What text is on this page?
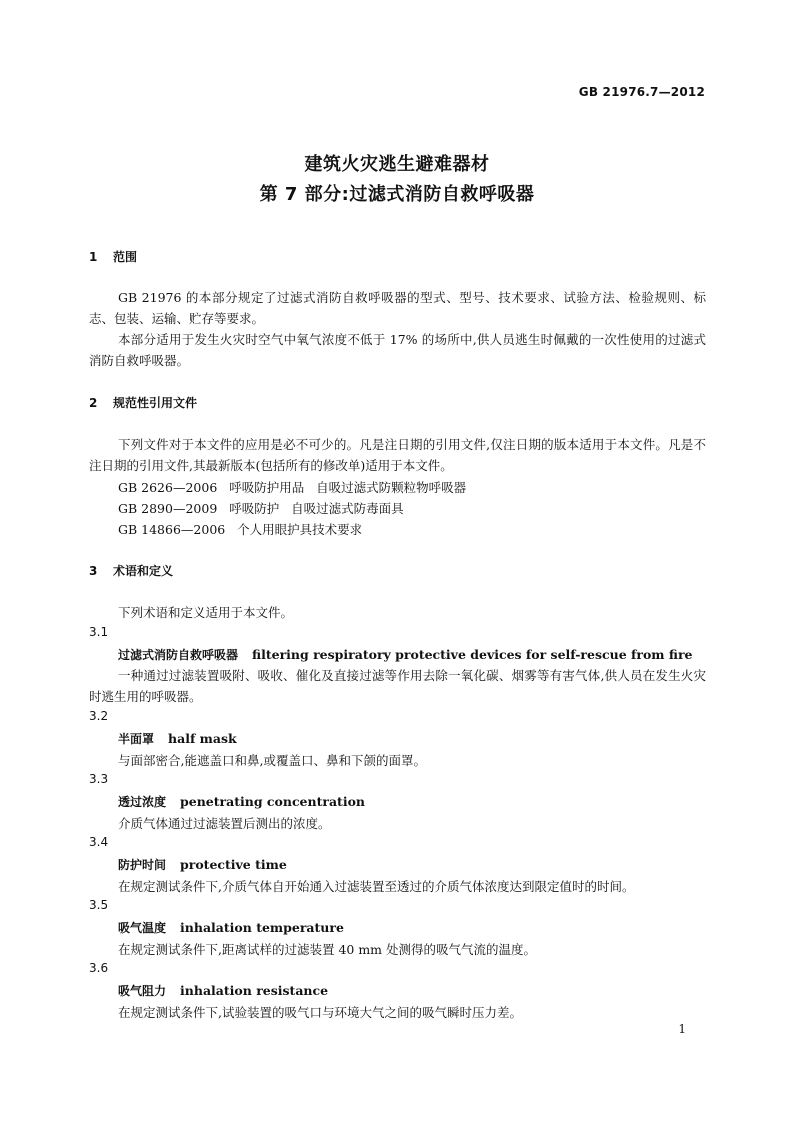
GB 21976.7—2012
建筑火灾逃生避难器材
第 7 部分:过滤式消防自救呼吸器
1 范围
GB 21976 的本部分规定了过滤式消防自救呼吸器的型式、型号、技术要求、试验方法、检验规则、标志、包装、运输、贮存等要求。
本部分适用于发生火灾时空气中氧气浓度不低于 17% 的场所中,供人员逃生时佩戴的一次性使用的过滤式消防自救呼吸器。
2 规范性引用文件
下列文件对于本文件的应用是必不可少的。凡是注日期的引用文件,仅注日期的版本适用于本文件。凡是不注日期的引用文件,其最新版本(包括所有的修改单)适用于本文件。
GB 2626—2006   呼吸防护用品   自吸过滤式防颗粒物呼吸器
GB 2890—2009   呼吸防护   自吸过滤式防毒面具
GB 14866—2006   个人用眼护具技术要求
3 术语和定义
下列术语和定义适用于本文件。
3.1
过滤式消防自救呼吸器 filtering respiratory protective devices for self-rescue from fire
一种通过过滤装置吸附、吸收、催化及直接过滤等作用去除一氧化碳、烟雾等有害气体,供人员在发生火灾时逃生用的呼吸器。
3.2
半面罩 half mask
与面部密合,能遮盖口和鼻,或覆盖口、鼻和下颌的面罩。
3.3
透过浓度 penetrating concentration
介质气体通过过滤装置后测出的浓度。
3.4
防护时间 protective time
在规定测试条件下,介质气体自开始通入过滤装置至透过的介质气体浓度达到限定值时的时间。
3.5
吸气温度 inhalation temperature
在规定测试条件下,距离试样的过滤装置 40 mm 处测得的吸气气流的温度。
3.6
吸气阻力 inhalation resistance
在规定测试条件下,试验装置的吸气口与环境大气之间的吸气瞬时压力差。
1
